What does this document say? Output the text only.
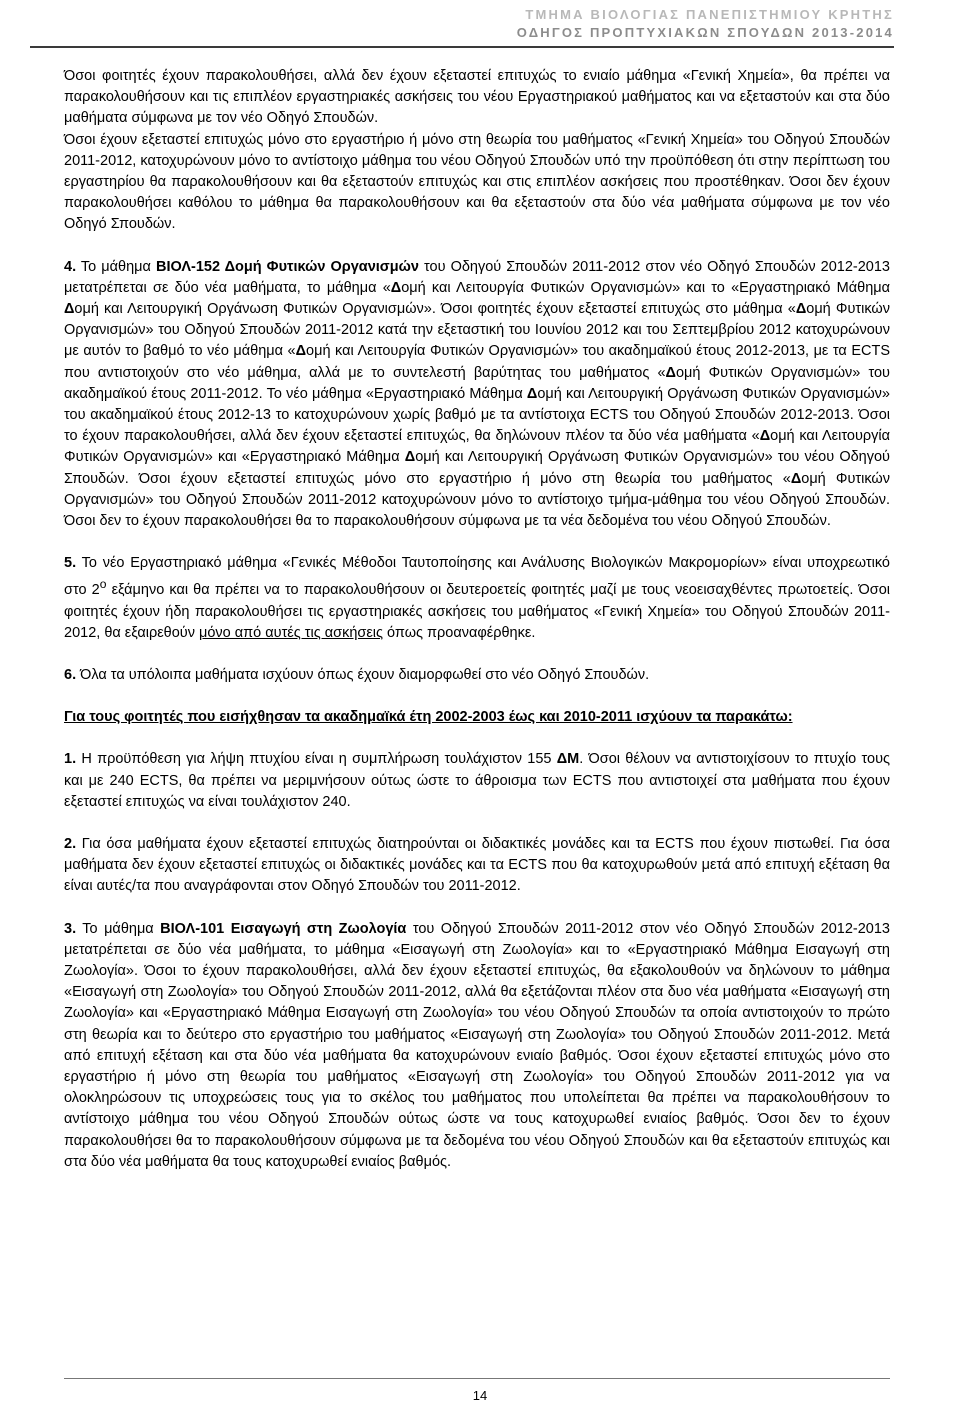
ΤΜΗΜΑ ΒΙΟΛΟΓΙΑΣ ΠΑΝΕΠΙΣΤΗΜΙΟΥ ΚΡΗΤΗΣ
ΟΔΗΓΟΣ ΠΡΟΠΤΥΧΙΑΚΩΝ ΣΠΟΥΔΩΝ 2013-2014

Όσοι φοιτητές έχουν παρακολουθήσει, αλλά δεν έχουν εξεταστεί επιτυχώς το ενιαίο μάθημα «Γενική Χημεία», θα πρέπει να παρακολουθήσουν και τις επιπλέον εργαστηριακές ασκήσεις του νέου Εργαστηριακού μαθήματος και να εξεταστούν και στα δύο μαθήματα σύμφωνα με τον νέο Οδηγό Σπουδών.

Όσοι έχουν εξεταστεί επιτυχώς μόνο στο εργαστήριο ή μόνο στη θεωρία του μαθήματος «Γενική Χημεία» του Οδηγού Σπουδών 2011-2012, κατοχυρώνουν μόνο το αντίστοιχο μάθημα του νέου Οδηγού Σπουδών υπό την προϋπόθεση ότι στην περίπτωση του εργαστηρίου θα παρακολουθήσουν και θα εξεταστούν επιτυχώς και στις επιπλέον ασκήσεις που προστέθηκαν. Όσοι δεν έχουν παρακολουθήσει καθόλου το μάθημα θα παρακολουθήσουν και θα εξεταστούν στα δύο νέα μαθήματα σύμφωνα με τον νέο Οδηγό Σπουδών.

4. Το μάθημα ΒΙΟΛ-152 Δομή Φυτικών Οργανισμών του Οδηγού Σπουδών 2011-2012 στον νέο Οδηγό Σπουδών 2012-2013 μετατρέπεται σε δύο νέα μαθήματα, το μάθημα «Δομή και Λειτουργία Φυτικών Οργανισμών» και το «Εργαστηριακό Μάθημα Δομή και Λειτουργική Οργάνωση Φυτικών Οργανισμών». Όσοι φοιτητές έχουν εξεταστεί επιτυχώς στο μάθημα «Δομή Φυτικών Οργανισμών» του Οδηγού Σπουδών 2011-2012 κατά την εξεταστική του Ιουνίου 2012 και του Σεπτεμβρίου 2012 κατοχυρώνουν με αυτόν το βαθμό το νέο μάθημα «Δομή και Λειτουργία Φυτικών Οργανισμών» του ακαδημαϊκού έτους 2012-2013, με τα ECTS που αντιστοιχούν στο νέο μάθημα, αλλά με το συντελεστή βαρύτητας του μαθήματος «Δομή Φυτικών Οργανισμών» του ακαδημαϊκού έτους 2011-2012. Το νέο μάθημα «Εργαστηριακό Μάθημα Δομή και Λειτουργική Οργάνωση Φυτικών Οργανισμών» του ακαδημαϊκού έτους 2012-13 το κατοχυρώνουν χωρίς βαθμό με τα αντίστοιχα ECTS του Οδηγού Σπουδών 2012-2013. Όσοι το έχουν παρακολουθήσει, αλλά δεν έχουν εξεταστεί επιτυχώς, θα δηλώνουν πλέον τα δύο νέα μαθήματα «Δομή και Λειτουργία Φυτικών Οργανισμών» και «Εργαστηριακό Μάθημα Δομή και Λειτουργική Οργάνωση Φυτικών Οργανισμών» του νέου Οδηγού Σπουδών. Όσοι έχουν εξεταστεί επιτυχώς μόνο στο εργαστήριο ή μόνο στη θεωρία του μαθήματος «Δομή Φυτικών Οργανισμών» του Οδηγού Σπουδών 2011-2012 κατοχυρώνουν μόνο το αντίστοιχο τμήμα-μάθημα του νέου Οδηγού Σπουδών. Όσοι δεν το έχουν παρακολουθήσει θα το παρακολουθήσουν σύμφωνα με τα νέα δεδομένα του νέου Οδηγού Σπουδών.

5. Το νέο Εργαστηριακό μάθημα «Γενικές Μέθοδοι Ταυτοποίησης και Ανάλυσης Βιολογικών Μακρομορίων» είναι υποχρεωτικό στο $2^o$ εξάμηνο και θα πρέπει να το παρακολουθήσουν οι δευτεροετείς φοιτητές μαζί με τους νεοεισαχθέντες πρωτοετείς. Όσοι φοιτητές έχουν ήδη παρακολουθήσει τις εργαστηριακές ασκήσεις του μαθήματος «Γενική Χημεία» του Οδηγού Σπουδών 2011-2012, θα εξαιρεθούν μόνο από αυτές τις ασκήσεις όπως προαναφέρθηκε.

6. Όλα τα υπόλοιπα μαθήματα ισχύουν όπως έχουν διαμορφωθεί στο νέο Οδηγό Σπουδών.

Για τους φοιτητές που εισήχθησαν τα ακαδημαϊκά έτη 2002-2003 έως και 2010-2011 ισχύουν τα παρακάτω:

1. Η προϋπόθεση για λήψη πτυχίου είναι η συμπλήρωση τουλάχιστον 155 ΔΜ. Όσοι θέλουν να αντιστοιχίσουν το πτυχίο τους και με 240 ECTS, θα πρέπει να μεριμνήσουν ούτως ώστε το άθροισμα των ECTS που αντιστοιχεί στα μαθήματα που έχουν εξεταστεί επιτυχώς να είναι τουλάχιστον 240.

2. Για όσα μαθήματα έχουν εξεταστεί επιτυχώς διατηρούνται οι διδακτικές μονάδες και τα ECTS που έχουν πιστωθεί. Για όσα μαθήματα δεν έχουν εξεταστεί επιτυχώς οι διδακτικές μονάδες και τα ECTS που θα κατοχυρωθούν μετά από επιτυχή εξέταση θα είναι αυτές/τα που αναγράφονται στον Οδηγό Σπουδών του 2011-2012.

3. Το μάθημα ΒΙΟΛ-101 Εισαγωγή στη Ζωολογία του Οδηγού Σπουδών 2011-2012 στον νέο Οδηγό Σπουδών 2012-2013 μετατρέπεται σε δύο νέα μαθήματα, το μάθημα «Εισαγωγή στη Ζωολογία» και το «Εργαστηριακό Μάθημα Εισαγωγή στη Ζωολογία». Όσοι το έχουν παρακολουθήσει, αλλά δεν έχουν εξεταστεί επιτυχώς, θα εξακολουθούν να δηλώνουν το μάθημα «Εισαγωγή στη Ζωολογία» του Οδηγού Σπουδών 2011-2012, αλλά θα εξετάζονται πλέον στα δυο νέα μαθήματα «Εισαγωγή στη Ζωολογία» και «Εργαστηριακό Μάθημα Εισαγωγή στη Ζωολογία» του νέου Οδηγού Σπουδών τα οποία αντιστοιχούν το πρώτο στη θεωρία και το δεύτερο στο εργαστήριο του μαθήματος «Εισαγωγή στη Ζωολογία» του Οδηγού Σπουδών 2011-2012. Μετά από επιτυχή εξέταση και στα δύο νέα μαθήματα θα κατοχυρώνουν ενιαίο βαθμός. Όσοι έχουν εξεταστεί επιτυχώς μόνο στο εργαστήριο ή μόνο στη θεωρία του μαθήματος «Εισαγωγή στη Ζωολογία» του Οδηγού Σπουδών 2011-2012 για να ολοκληρώσουν τις υποχρεώσεις τους για το σκέλος του μαθήματος που υπολείπεται θα πρέπει να παρακολουθήσουν το αντίστοιχο μάθημα του νέου Οδηγού Σπουδών ούτως ώστε να τους κατοχυρωθεί ενιαίος βαθμός. Όσοι δεν το έχουν παρακολουθήσει θα το παρακολουθήσουν σύμφωνα με τα δεδομένα του νέου Οδηγού Σπουδών και θα εξεταστούν επιτυχώς και στα δύο νέα μαθήματα θα τους κατοχυρωθεί ενιαίος βαθμός.

14
